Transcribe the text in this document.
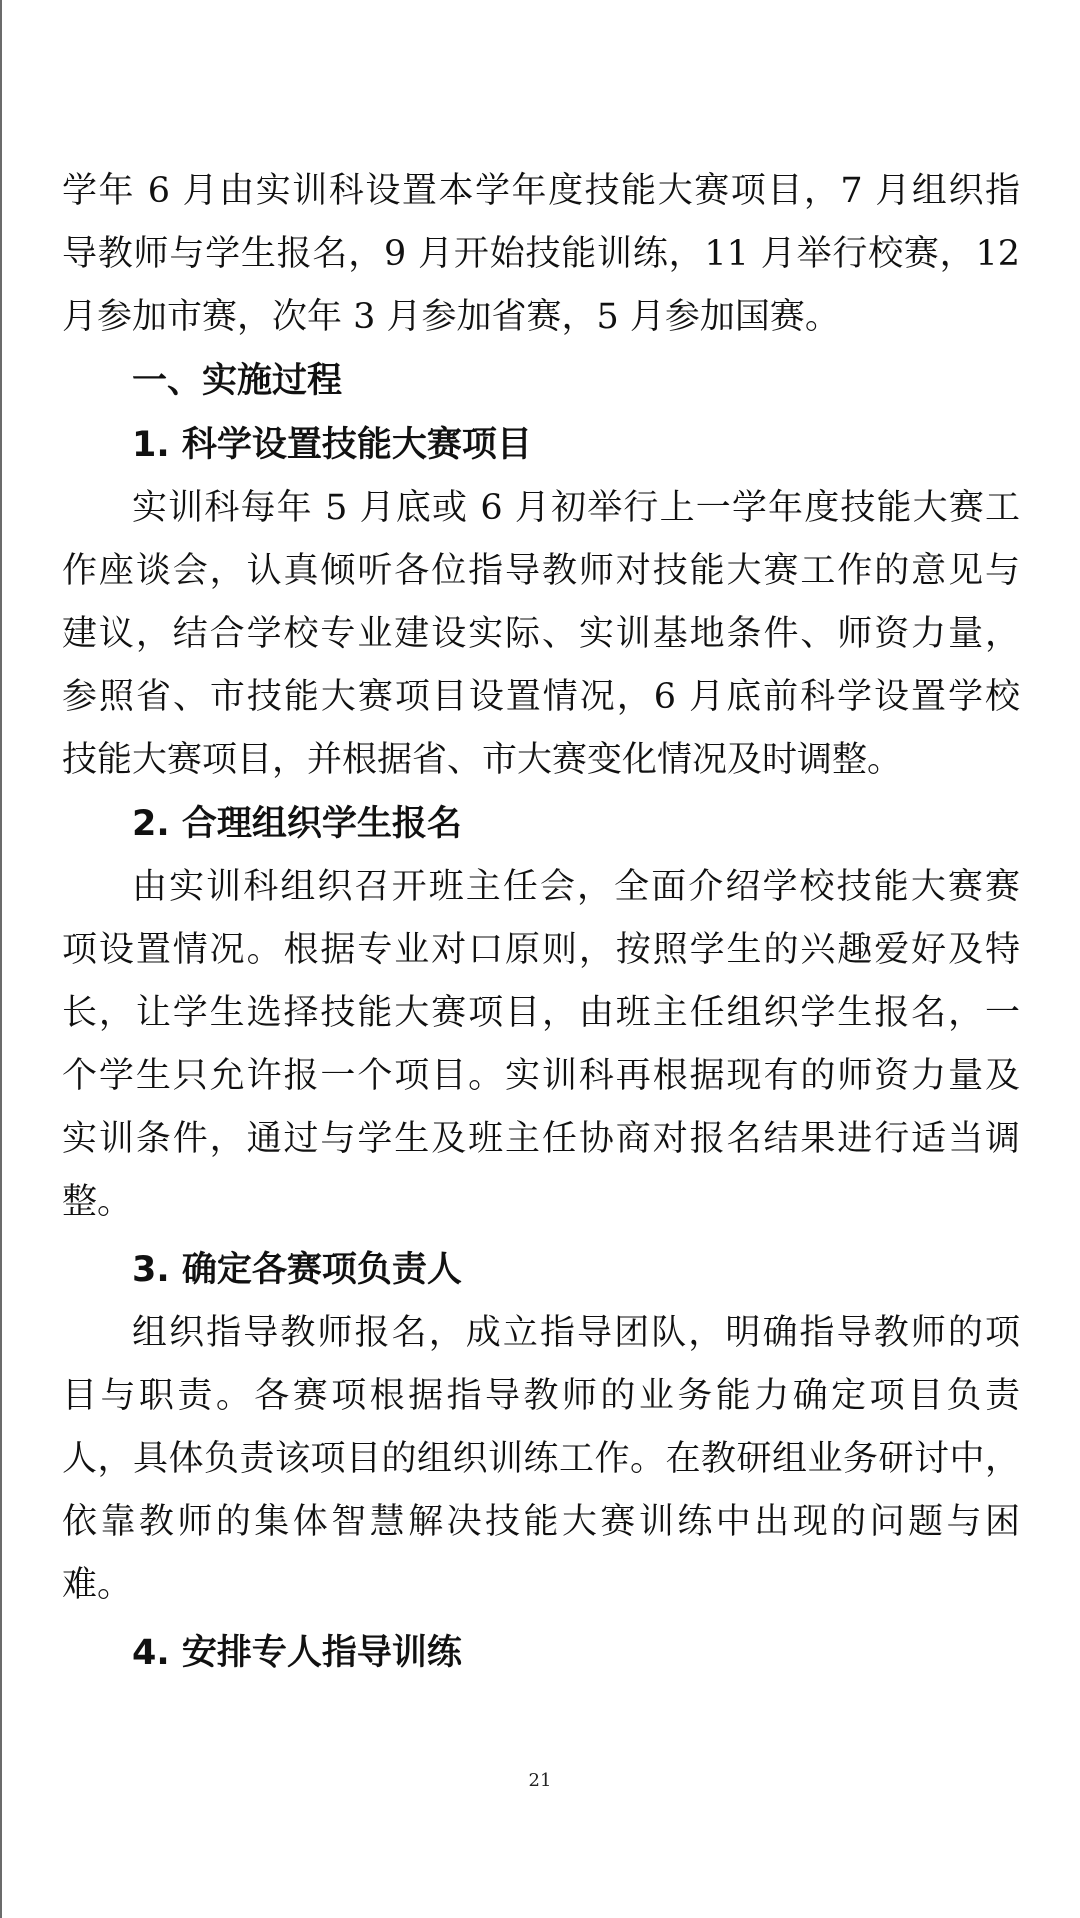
学年 6 月由实训科设置本学年度技能大赛项目，7 月组织指
导教师与学生报名，9 月开始技能训练，11 月举行校赛，12
月参加市赛，次年 3 月参加省赛，5 月参加国赛。
一、实施过程
1. 科学设置技能大赛项目
实训科每年 5 月底或 6 月初举行上一学年度技能大赛工
作座谈会，认真倾听各位指导教师对技能大赛工作的意见与
建议，结合学校专业建设实际、实训基地条件、师资力量，
参照省、市技能大赛项目设置情况，6 月底前科学设置学校
技能大赛项目，并根据省、市大赛变化情况及时调整。
2. 合理组织学生报名
由实训科组织召开班主任会，全面介绍学校技能大赛赛
项设置情况。根据专业对口原则，按照学生的兴趣爱好及特
长，让学生选择技能大赛项目，由班主任组织学生报名，一
个学生只允许报一个项目。实训科再根据现有的师资力量及
实训条件，通过与学生及班主任协商对报名结果进行适当调
整。
3. 确定各赛项负责人
组织指导教师报名，成立指导团队，明确指导教师的项
目与职责。各赛项根据指导教师的业务能力确定项目负责
人，具体负责该项目的组织训练工作。在教研组业务研讨中，
依靠教师的集体智慧解决技能大赛训练中出现的问题与困
难。
4. 安排专人指导训练
21
